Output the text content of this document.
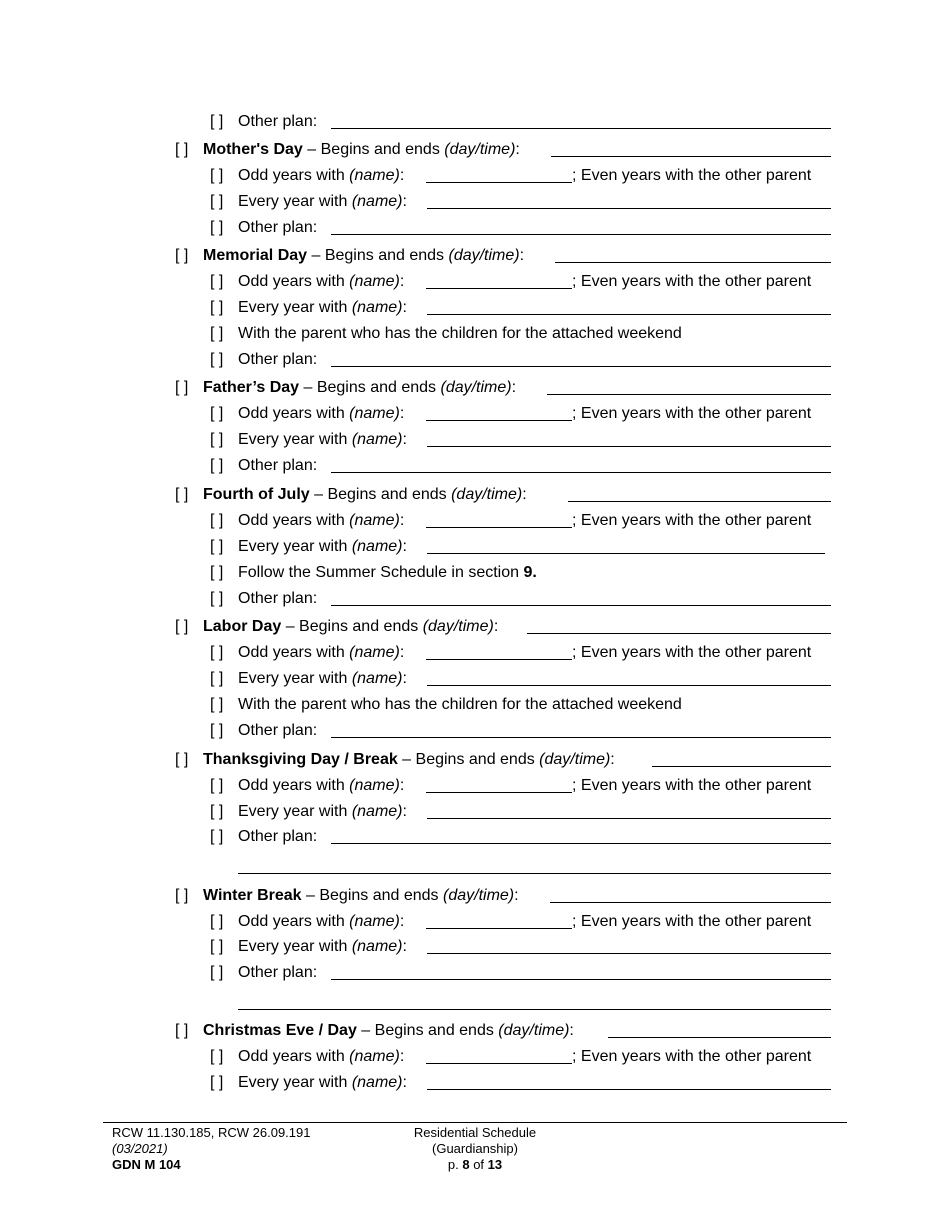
[ ] Other plan:
[ ] Mother's Day – Begins and ends (day/time):
[ ] Odd years with (name):	; Even years with the other parent
[ ] Every year with (name):
[ ] Other plan:
[ ] Memorial Day – Begins and ends (day/time):
[ ] Odd years with (name):	; Even years with the other parent
[ ] Every year with (name):
[ ] With the parent who has the children for the attached weekend
[ ] Other plan:
[ ] Father’s Day – Begins and ends (day/time):
[ ] Odd years with (name):	; Even years with the other parent
[ ] Every year with (name):
[ ] Other plan:
[ ] Fourth of July – Begins and ends (day/time):
[ ] Odd years with (name):	; Even years with the other parent
[ ] Every year with (name):
[ ] Follow the Summer Schedule in section 9.
[ ] Other plan:
[ ] Labor Day – Begins and ends (day/time):
[ ] Odd years with (name):	; Even years with the other parent
[ ] Every year with (name):
[ ] With the parent who has the children for the attached weekend
[ ] Other plan:
[ ] Thanksgiving Day / Break – Begins and ends (day/time):
[ ] Odd years with (name):	; Even years with the other parent
[ ] Every year with (name):
[ ] Other plan:
[ ] Winter Break – Begins and ends (day/time):
[ ] Odd years with (name):	; Even years with the other parent
[ ] Every year with (name):
[ ] Other plan:
[ ] Christmas Eve / Day – Begins and ends (day/time):
[ ] Odd years with (name):	; Even years with the other parent
[ ] Every year with (name):
RCW 11.130.185, RCW 26.09.191
(03/2021)
GDN M 104
Residential Schedule
(Guardianship)
p. 8 of 13
